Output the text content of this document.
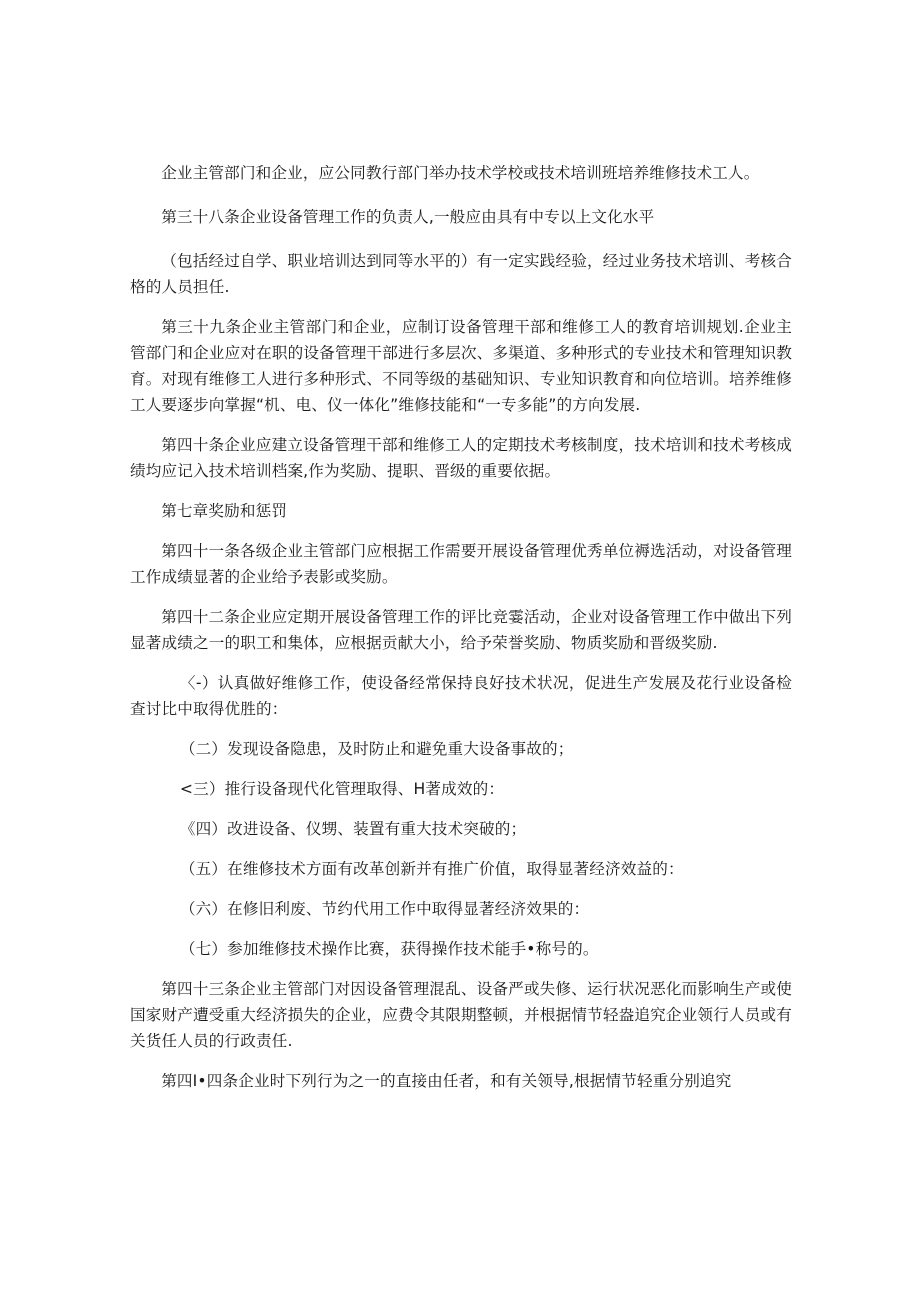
企业主管部门和企业，应公同教行部门举办技术学校或技术培训班培养维修技术工人。

第三十八条企业设备管理工作的负责人,一般应由具有中专以上文化水平

（包括经过自学、职业培训达到同等水平的）有一定实践经验，经过业务技术培训、考核合格的人员担任.

第三十九条企业主管部门和企业，应制订设备管理干部和维修工人的教育培训规划.企业主管部门和企业应对在职的设备管理干部进行多层次、多渠道、多种形式的专业技术和管理知识教育。对现有维修工人进行多种形式、不同等级的基础知识、专业知识教育和向位培训。培养维修工人要逐步向掌握“机、电、仪一体化”维修技能和“一专多能”的方向发展.

第四十条企业应建立设备管理干部和维修工人的定期技术考核制度，技术培训和技术考核成绩均应记入技术培训档案,作为奖励、提职、晋级的重要依据。

第七章奖励和惩罚

第四十一条各级企业主管部门应根据工作需要开展设备管理优秀单位褥选活动，对设备管理工作成绩显著的企业给予表影或奖励。

第四十二条企业应定期开展设备管理工作的评比竞霎活动，企业对设备管理工作中做出下列显著成绩之一的职工和集体，应根据贡献大小，给予荣誉奖励、物质奖励和晋级奖励.

〈-）认真做好维修工作，使设备经常保持良好技术状况，促进生产发展及花行业设备检查讨比中取得优胜的：

（二）发现设备隐患，及时防止和避免重大设备事故的；

<三）推行设备现代化管理取得、H著成效的：

《四）改进设备、仪甥、装置有重大技术突破的；

（五）在维修技术方面有改革创新并有推广价值，取得显著经济效益的：

（六）在修旧利废、节约代用工作中取得显著经济效果的：

（七）参加维修技术操作比赛，获得操作技术能手•称号的。

第四十三条企业主管部门对因设备管理混乱、设备严或失修、运行状况恶化而影响生产或使国家财产遭受重大经济损失的企业，应费令其限期整顿，并根据情节轻盎追究企业领行人员或有关货任人员的行政责任.

第四I•四条企业时下列行为之一的直接由任者，和有关领导,根据情节轻重分别追究
